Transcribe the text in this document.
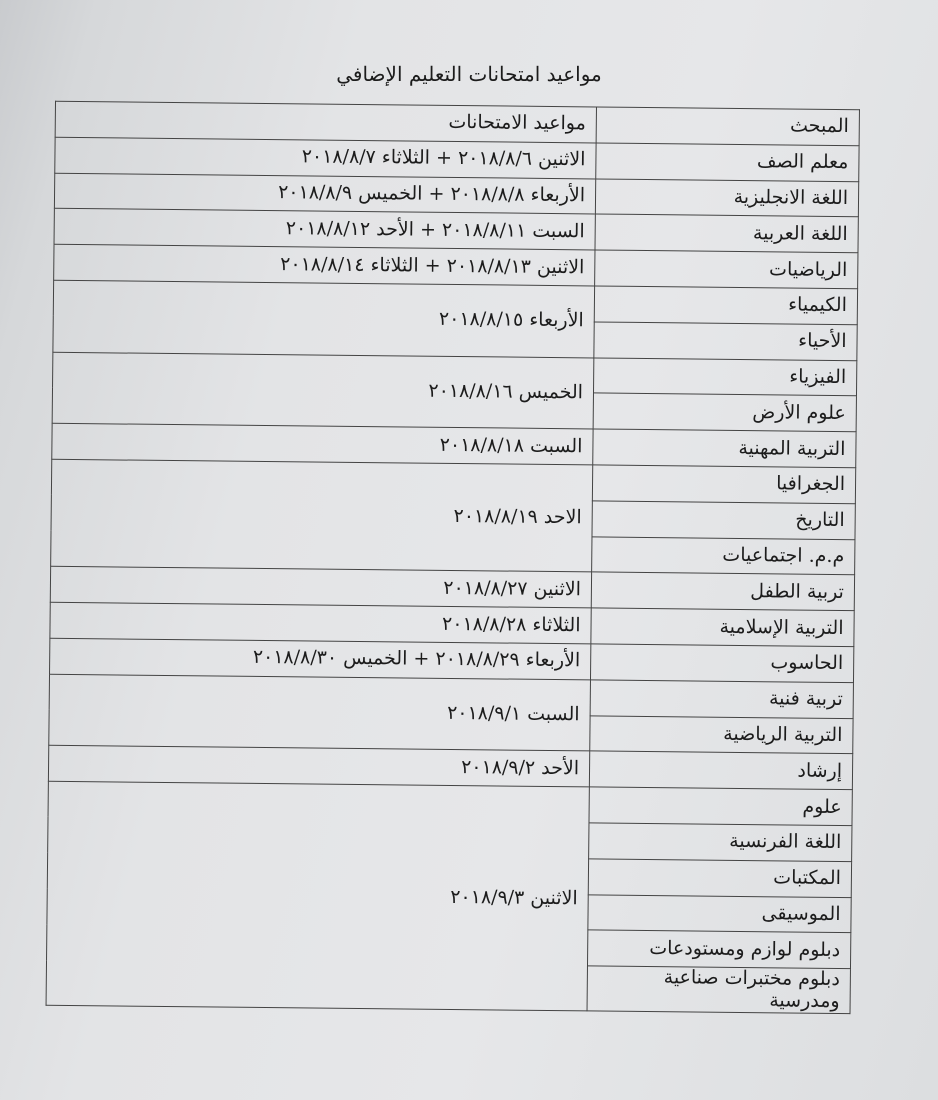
مواعيد امتحانات التعليم الإضافي
المبحث	مواعيد الامتحانات
معلم الصف	الاثنين ٢٠١٨/٨/٦ + الثلاثاء ٢٠١٨/٨/٧
اللغة الانجليزية	الأربعاء ٢٠١٨/٨/٨ + الخميس ٢٠١٨/٨/٩
اللغة العربية	السبت ٢٠١٨/٨/١١ + الأحد ٢٠١٨/٨/١٢
الرياضيات	الاثنين ٢٠١٨/٨/١٣ + الثلاثاء ٢٠١٨/٨/١٤
الكيمياء	الأربعاء ٢٠١٨/٨/١٥
الأحياء	
الفيزياء	الخميس ٢٠١٨/٨/١٦
علوم الأرض	
التربية المهنية	السبت ٢٠١٨/٨/١٨
الجغرافيا	الاحد ٢٠١٨/٨/١٩
التاريخ	
م.م. اجتماعيات	
تربية الطفل	الاثنين ٢٠١٨/٨/٢٧
التربية الإسلامية	الثلاثاء ٢٠١٨/٨/٢٨
الحاسوب	الأربعاء ٢٠١٨/٨/٢٩ + الخميس ٢٠١٨/٨/٣٠
تربية فنية	السبت ٢٠١٨/٩/١
التربية الرياضية	
إرشاد	الأحد ٢٠١٨/٩/٢
علوم	الاثنين ٢٠١٨/٩/٣
اللغة الفرنسية	
المكتبات	
الموسيقى	
دبلوم لوازم ومستودعات	
دبلوم مختبرات صناعية ومدرسية	
